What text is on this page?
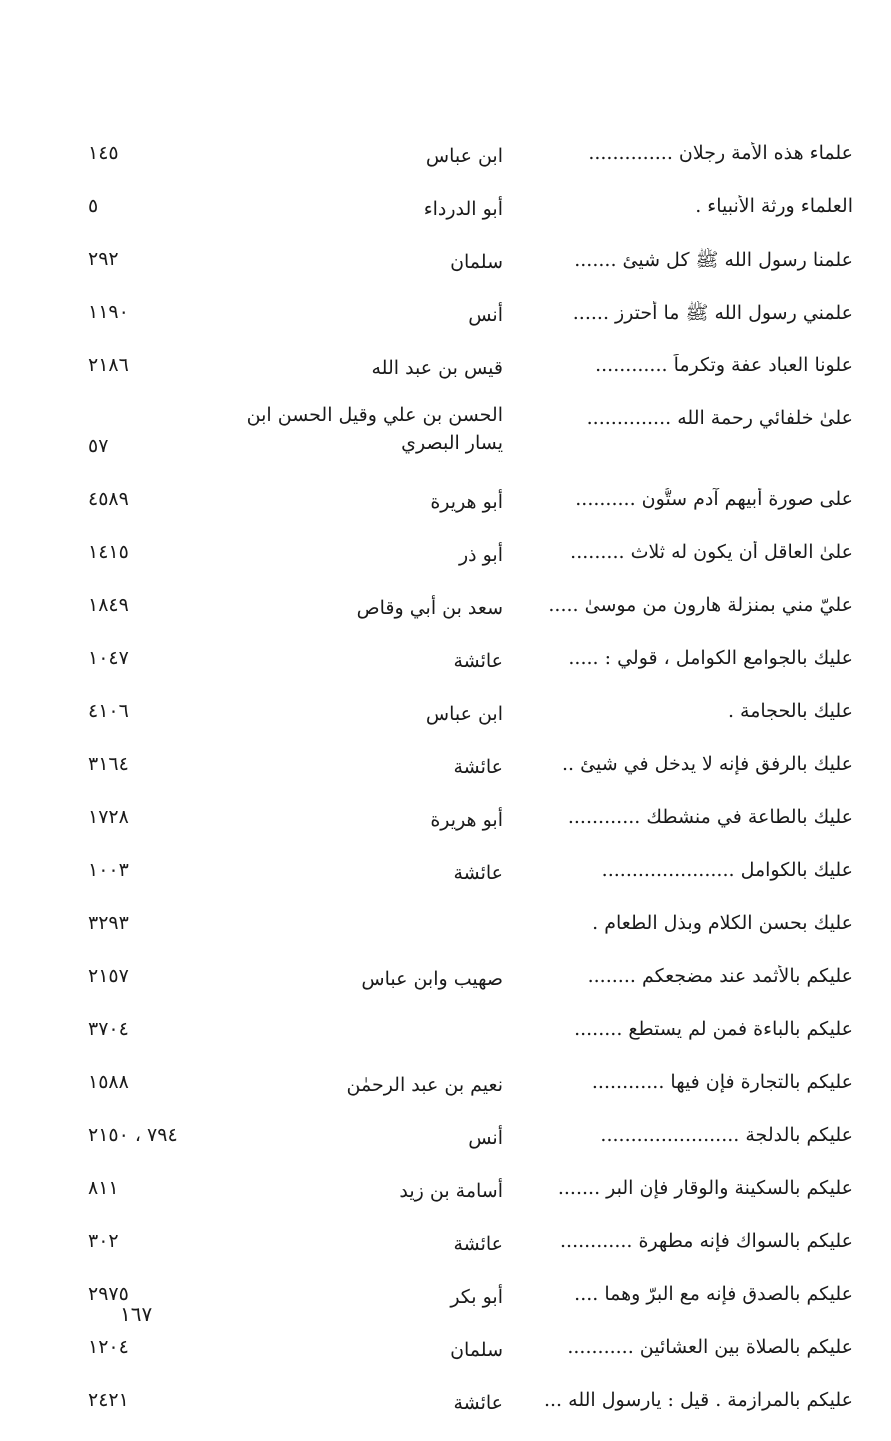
علماء هذه الأمة رجلان ..............
ابن عباس
١٤٥
العلماء ورثة الأنبياء .
أبو الدرداء
٥
علمنا رسول الله ﷺ كل شيئ .......
سلمان
٢٩٢
علمني رسول الله ﷺ ما أحترز ......
أنس
١١٩٠
علونا العباد عفة وتكرماً ............
قيس بن عبد الله
٢١٨٦
علىٰ خلفائي رحمة الله ..............
الحسن بن علي وقيل الحسن ابن يسار البصري
٥٧
على صورة أبيهم آدم ستُّون ..........
أبو هريرة
٤٥٨٩
علىٰ العاقل أن يكون له ثلاث .........
أبو ذر
١٤١٥
عليّ مني بمنزلة هارون من موسىٰ .....
سعد بن أبي وقاص
١٨٤٩
عليك بالجوامع الكوامل ، قولي : .....
عائشة
١٠٤٧
عليك بالحجامة .
ابن عباس
٤١٠٦
عليك بالرفق فإنه لا يدخل في شيئ ..
عائشة
٣١٦٤
عليك بالطاعة في منشطك ............
أبو هريرة
١٧٢٨
عليك بالكوامل ......................
عائشة
١٠٠٣
عليك بحسن الكلام وبذل الطعام .
٣٢٩٣
عليكم بالأثمد عند مضجعكم ........
صهيب وابن عباس
٢١٥٧
عليكم بالباءة فمن لم يستطع ........
٣٧٠٤
عليكم بالتجارة فإن فيها ............
نعيم بن عبد الرحمٰن
١٥٨٨
عليكم بالدلجة .......................
أنس
٧٩٤ ، ٢١٥٠
عليكم بالسكينة والوقار فإن البر .......
أسامة بن زيد
٨١١
عليكم بالسواك فإنه مطهرة ............
عائشة
٣٠٢
عليكم بالصدق فإنه مع البرّ وهما ....
أبو بكر
٢٩٧٥
عليكم بالصلاة بين العشائين ...........
سلمان
١٢٠٤
عليكم بالمرازمة . قيل : يارسول الله ...
عائشة
٢٤٢١
١٦٧
